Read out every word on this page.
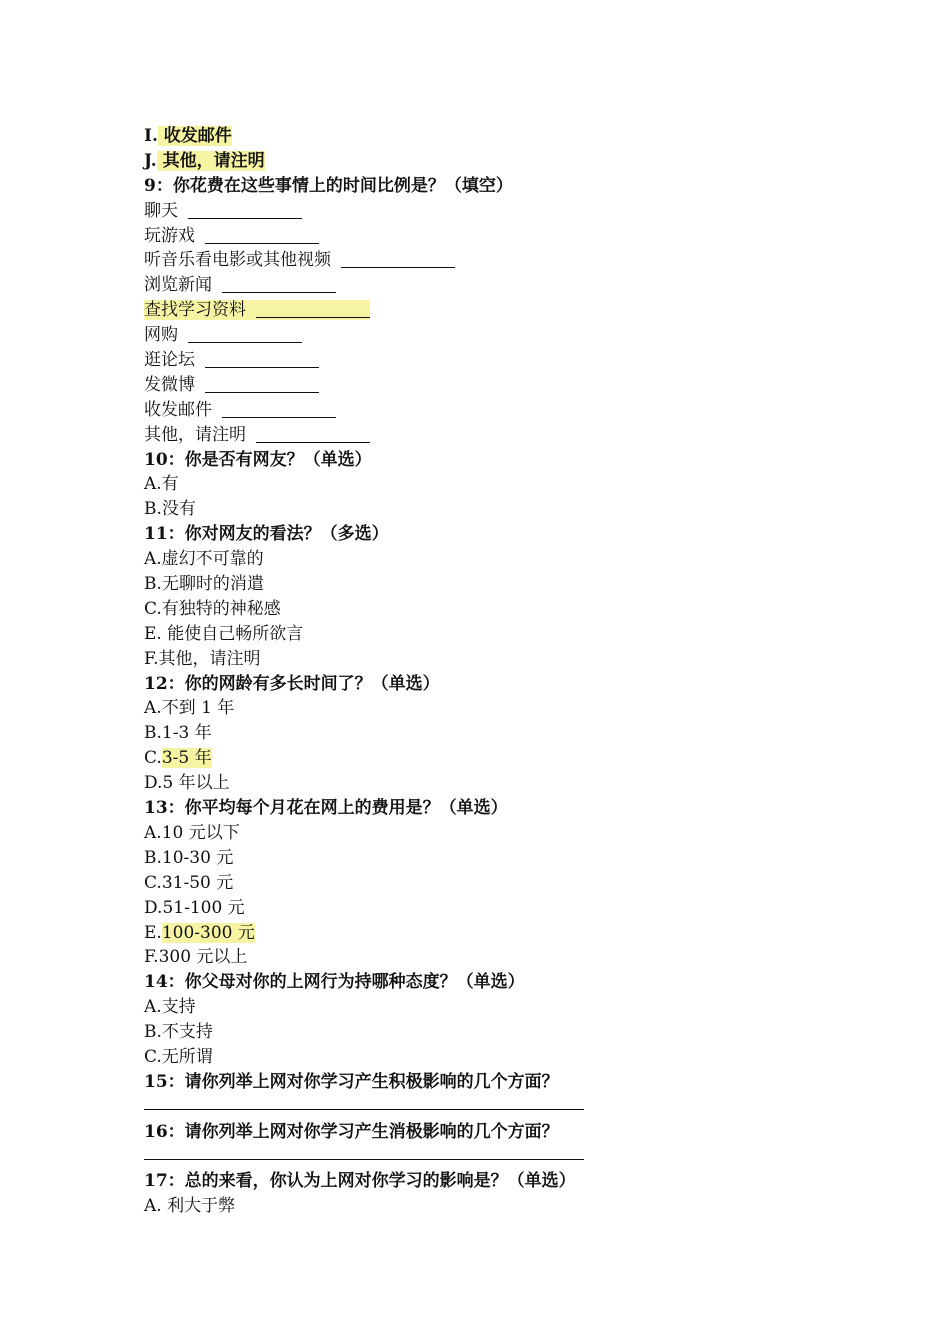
I. 收发邮件
J. 其他，请注明
9：你花费在这些事情上的时间比例是？（填空）
聊天
玩游戏
听音乐看电影或其他视频
浏览新闻
查找学习资料
网购
逛论坛
发微博
收发邮件
其他，请注明
10：你是否有网友？（单选）
A.有
B.没有
11：你对网友的看法？（多选）
A.虚幻不可靠的
B.无聊时的消遣
C.有独特的神秘感
E. 能使自己畅所欲言
F.其他，请注明
12：你的网龄有多长时间了？（单选）
A.不到 1 年
B.1-3 年
C.3-5 年
D.5 年以上
13：你平均每个月花在网上的费用是？（单选）
A.10 元以下
B.10-30 元
C.31-50 元
D.51-100 元
E.100-300 元
F.300 元以上
14：你父母对你的上网行为持哪种态度？（单选）
A.支持
B.不支持
C.无所谓
15：请你列举上网对你学习产生积极影响的几个方面？
16：请你列举上网对你学习产生消极影响的几个方面？
17：总的来看，你认为上网对你学习的影响是？（单选）
A. 利大于弊
